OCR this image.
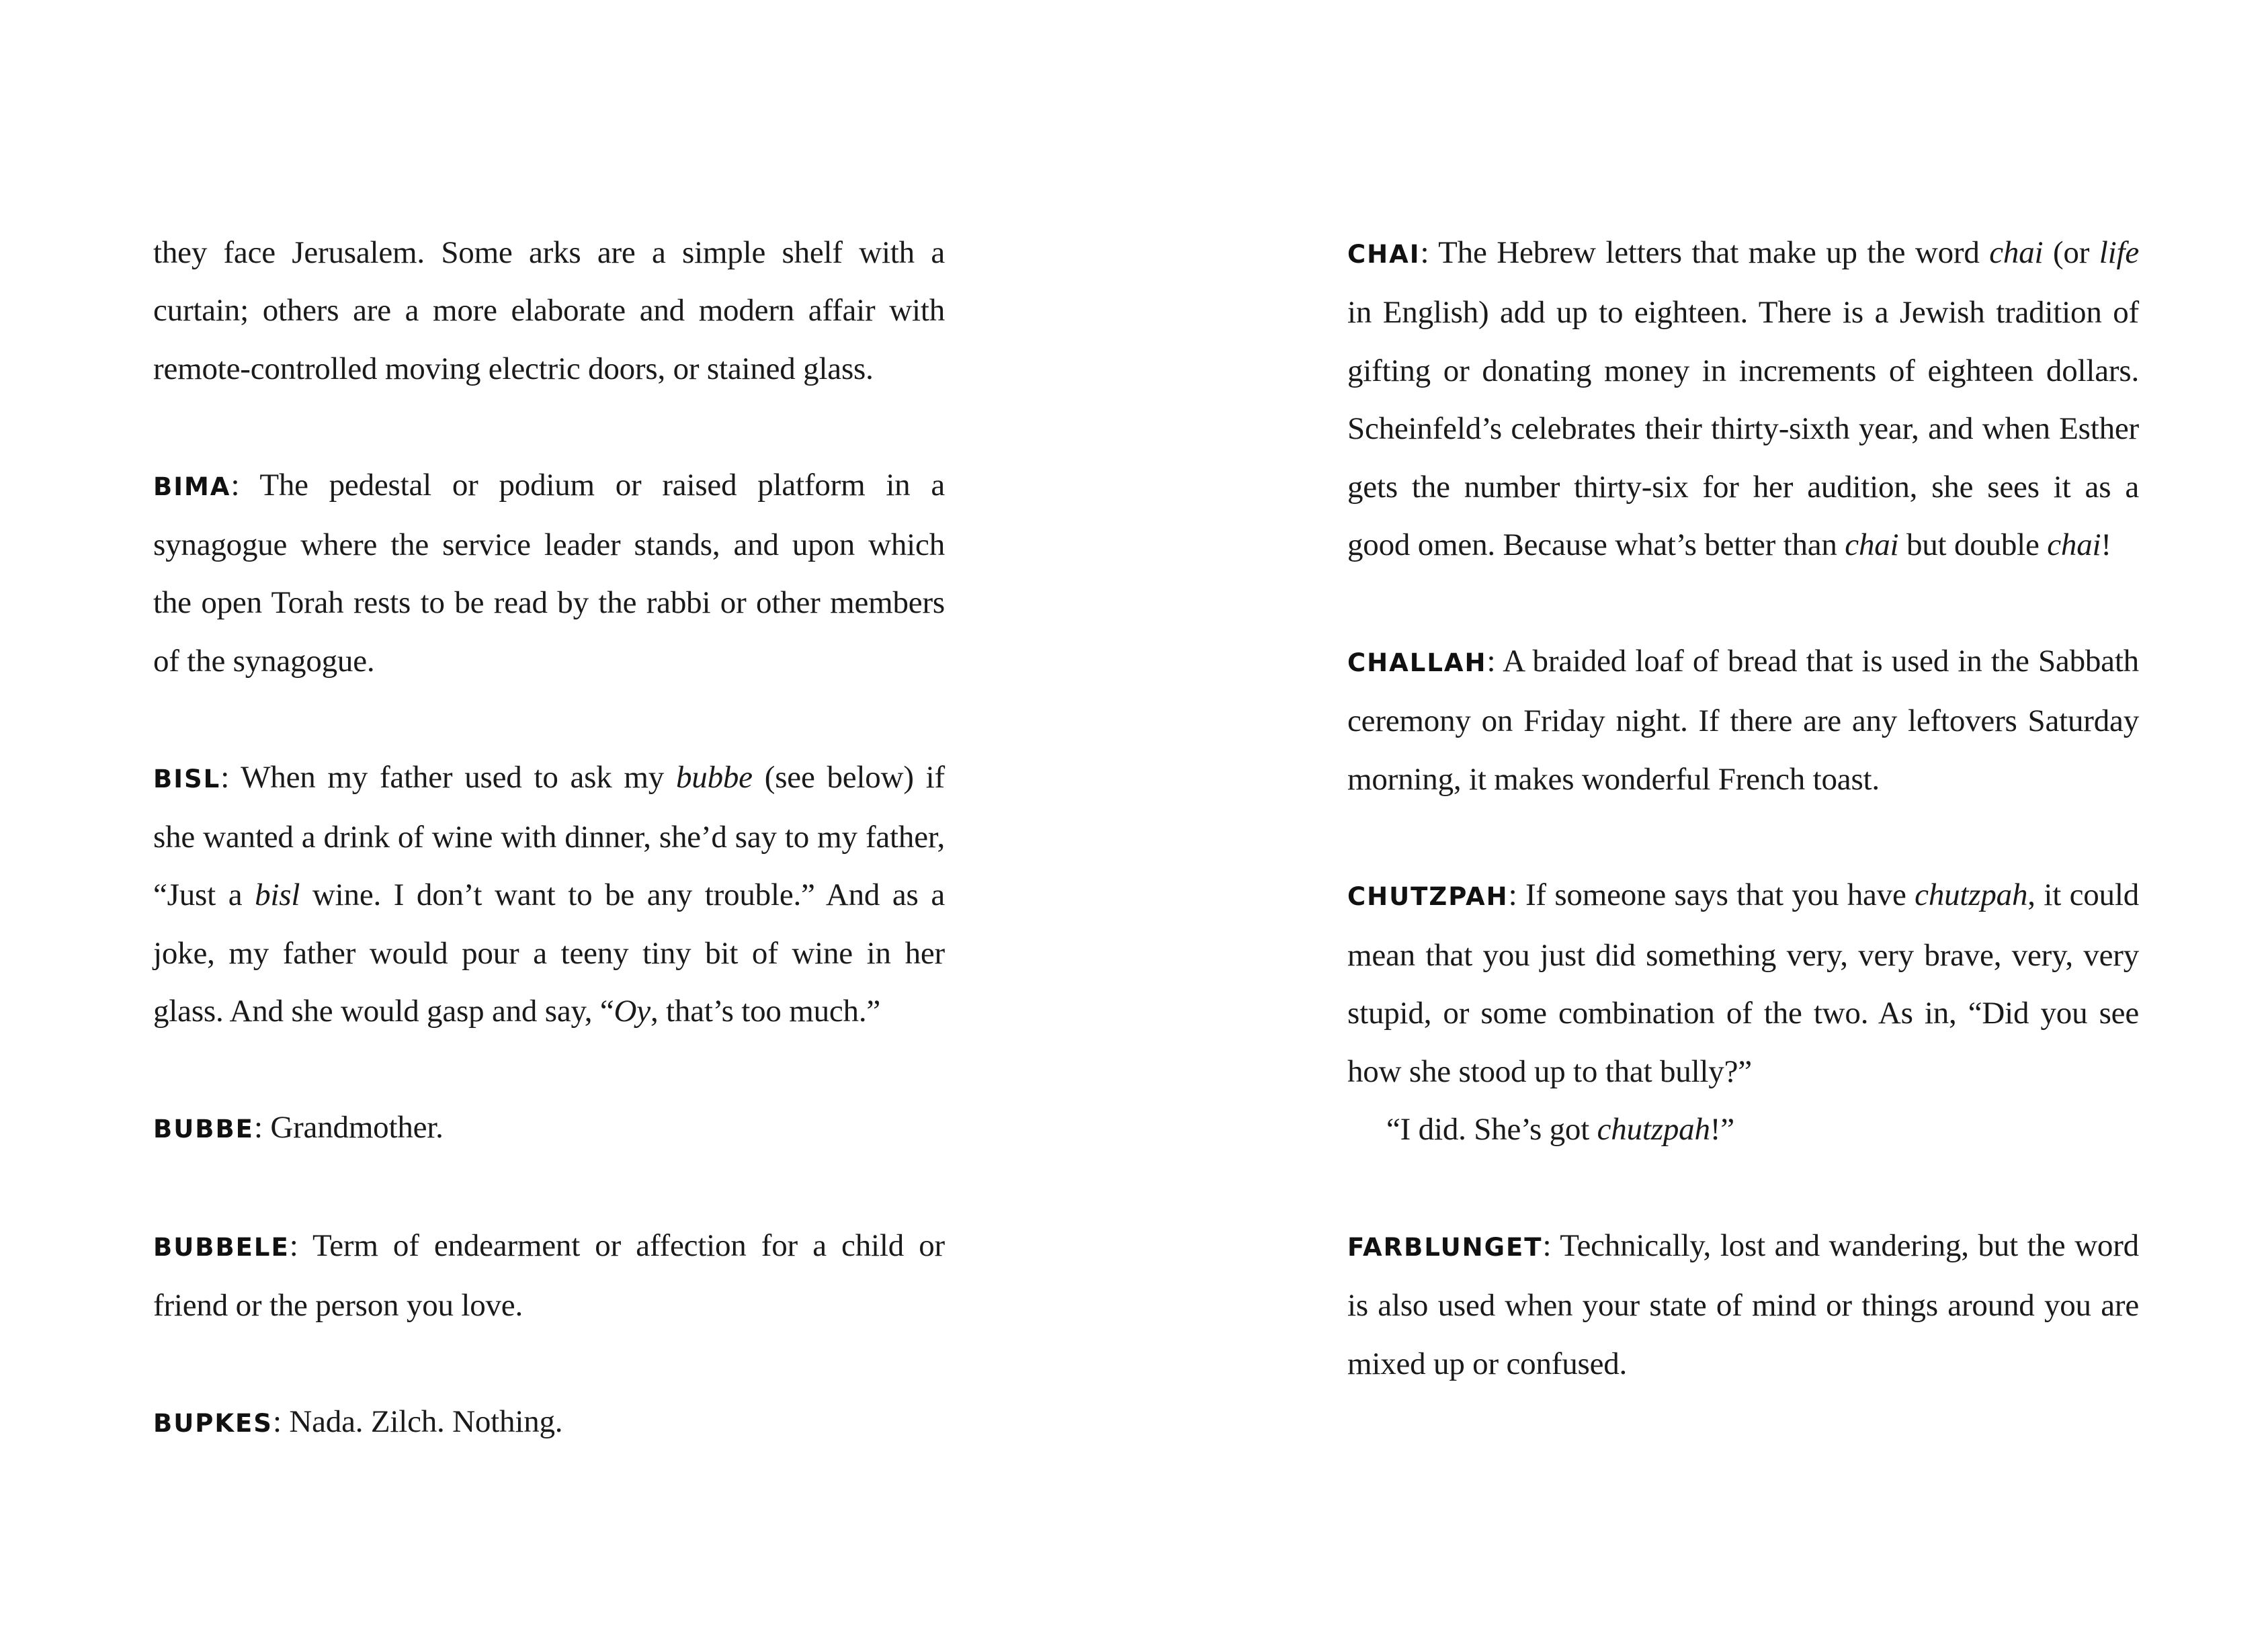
they face Jerusalem. Some arks are a simple shelf with a curtain; others are a more elaborate and modern affair with remote-controlled moving electric doors, or stained glass.

BIMA: The pedestal or podium or raised platform in a synagogue where the service leader stands, and upon which the open Torah rests to be read by the rabbi or other members of the synagogue.

BISL: When my father used to ask my bubbe (see below) if she wanted a drink of wine with dinner, she’d say to my father, “Just a bisl wine. I don’t want to be any trouble.” And as a joke, my father would pour a teeny tiny bit of wine in her glass. And she would gasp and say, “Oy, that’s too much.”

BUBBE: Grandmother.

BUBBELE: Term of endearment or affection for a child or friend or the person you love.

BUPKES: Nada. Zilch. Nothing.

CHAI: The Hebrew letters that make up the word chai (or life in English) add up to eighteen. There is a Jewish tradition of gifting or donating money in increments of eighteen dollars. Scheinfeld’s celebrates their thirty-sixth year, and when Esther gets the number thirty-six for her audition, she sees it as a good omen. Because what’s better than chai but double chai!

CHALLAH: A braided loaf of bread that is used in the Sabbath ceremony on Friday night. If there are any leftovers Saturday morning, it makes wonderful French toast.

CHUTZPAH: If someone says that you have chutzpah, it could mean that you just did something very, very brave, very, very stupid, or some combination of the two. As in, “Did you see how she stood up to that bully?”

“I did. She’s got chutzpah!”

FARBLUNGET: Technically, lost and wandering, but the word is also used when your state of mind or things around you are mixed up or confused.
